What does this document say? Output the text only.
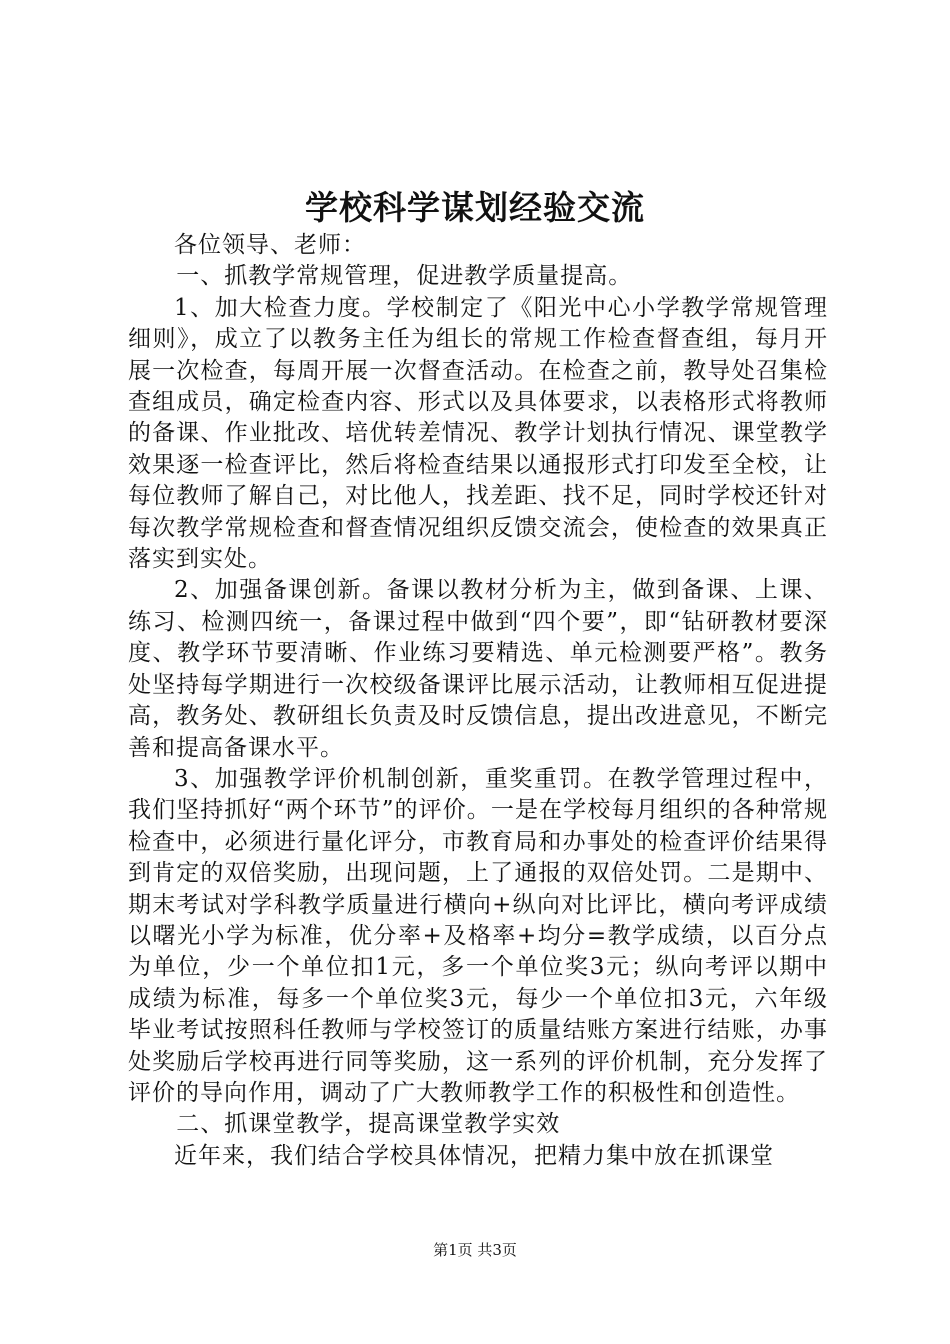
学校科学谋划经验交流

各位领导、老师：

一、抓教学常规管理，促进教学质量提高。

1、加大检查力度。学校制定了《阳光中心小学教学常规管理细则》，成立了以教务主任为组长的常规工作检查督查组，每月开展一次检查，每周开展一次督查活动。在检查之前，教导处召集检查组成员，确定检查内容、形式以及具体要求，以表格形式将教师的备课、作业批改、培优转差情况、教学计划执行情况、课堂教学效果逐一检查评比，然后将检查结果以通报形式打印发至全校，让每位教师了解自己，对比他人，找差距、找不足，同时学校还针对每次教学常规检查和督查情况组织反馈交流会，使检查的效果真正落实到实处。

2、加强备课创新。备课以教材分析为主，做到备课、上课、练习、检测四统一，备课过程中做到“四个要”，即“钻研教材要深度、教学环节要清晰、作业练习要精选、单元检测要严格”。教务处坚持每学期进行一次校级备课评比展示活动，让教师相互促进提高，教务处、教研组长负责及时反馈信息，提出改进意见，不断完善和提高备课水平。

3、加强教学评价机制创新，重奖重罚。在教学管理过程中，我们坚持抓好“两个环节”的评价。一是在学校每月组织的各种常规检查中，必须进行量化评分，市教育局和办事处的检查评价结果得到肯定的双倍奖励，出现问题，上了通报的双倍处罚。二是期中、期末考试对学科教学质量进行横向+纵向对比评比，横向考评成绩以曙光小学为标准，优分率+及格率+均分=教学成绩，以百分点为单位，少一个单位扣1元，多一个单位奖3元；纵向考评以期中成绩为标准，每多一个单位奖3元，每少一个单位扣3元，六年级毕业考试按照科任教师与学校签订的质量结账方案进行结账，办事处奖励后学校再进行同等奖励，这一系列的评价机制，充分发挥了评价的导向作用，调动了广大教师教学工作的积极性和创造性。

二、抓课堂教学，提高课堂教学实效

近年来，我们结合学校具体情况，把精力集中放在抓课堂

第1页 共3页
